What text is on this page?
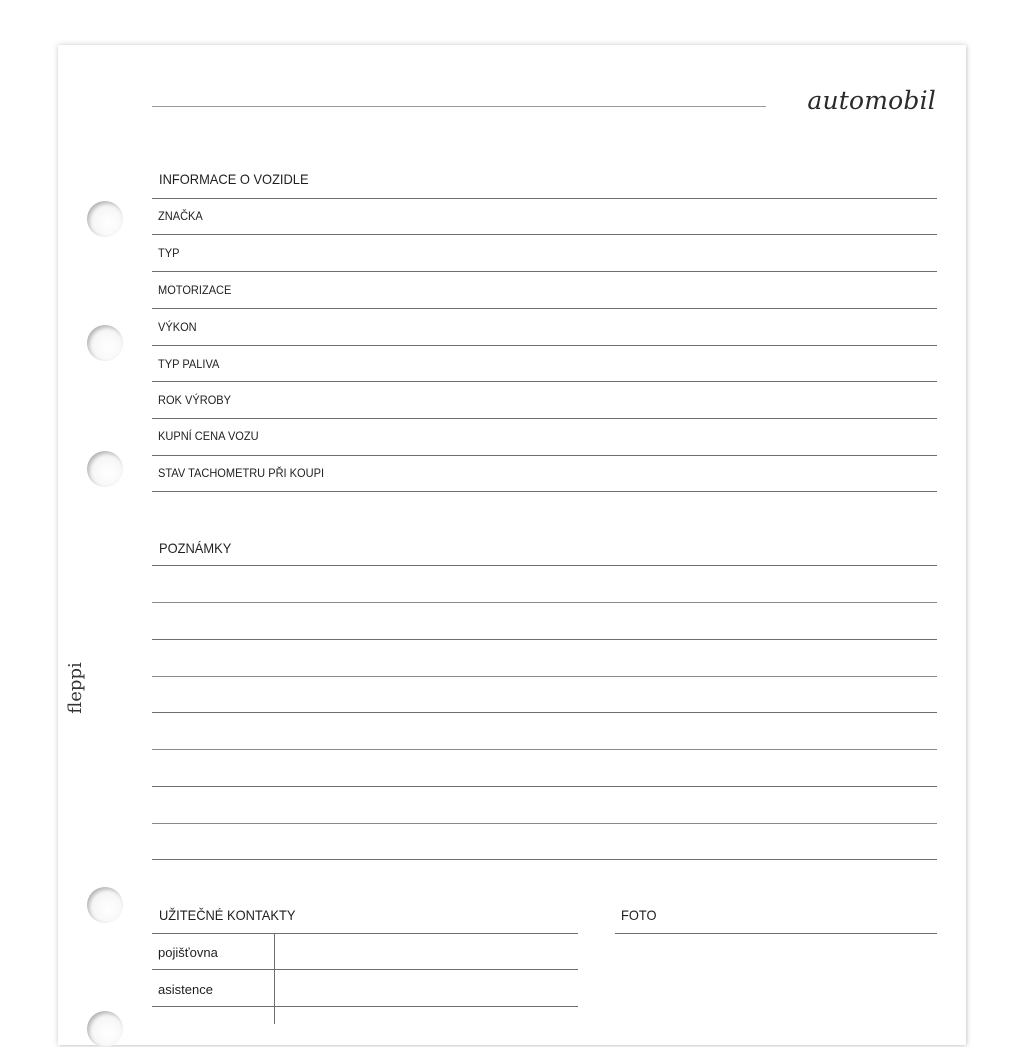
automobil
fleppi
INFORMACE O VOZIDLE
ZNAČKA
TYP
MOTORIZACE
VÝKON
TYP PALIVA
ROK VÝROBY
KUPNÍ CENA VOZU
STAV TACHOMETRU PŘI KOUPI
POZNÁMKY
UŽITEČNÉ KONTAKTY
pojišťovna
asistence
FOTO
